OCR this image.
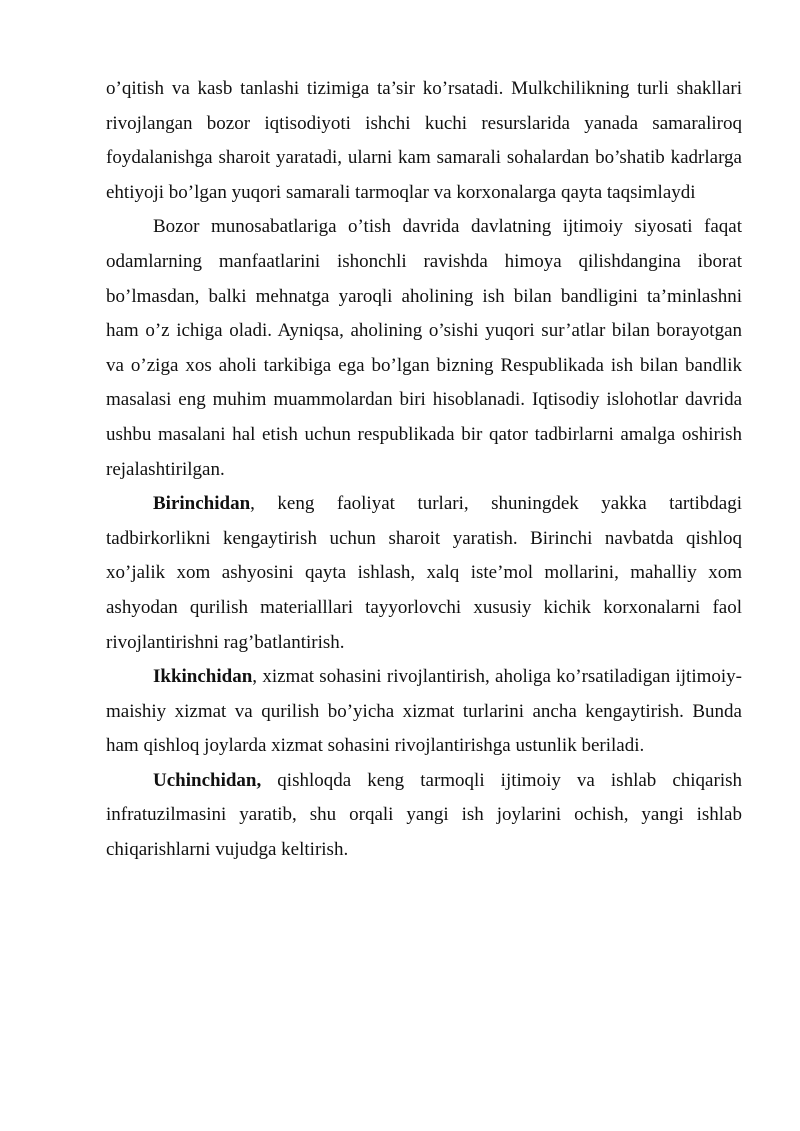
o’qitish va kasb tanlashi tizimiga ta’sir ko’rsatadi. Mulkchilikning turli shakllari rivojlangan bozor iqtisodiyoti ishchi kuchi resurslarida yanada samaraliroq foydalanishga sharoit yaratadi, ularni kam samarali sohalardan bo’shatib kadrlarga ehtiyoji bo’lgan yuqori samarali tarmoqlar va korxonalarga qayta taqsimlaydi

Bozor munosabatlariga o’tish davrida davlatning ijtimoiy siyosati faqat odamlarning manfaatlarini ishonchli ravishda himoya qilishdangina iborat bo’lmasdan, balki mehnatga yaroqli aholining ish bilan bandligini ta’minlashni ham o’z ichiga oladi. Ayniqsa, aholining o’sishi yuqori sur’atlar bilan borayotgan va o’ziga xos aholi tarkibiga ega bo’lgan bizning Respublikada ish bilan bandlik masalasi eng muhim muammolardan biri hisoblanadi. Iqtisodiy islohotlar davrida ushbu masalani hal etish uchun respublikada bir qator tadbirlarni amalga oshirish rejalashtirilgan.

Birinchidan, keng faoliyat turlari, shuningdek yakka tartibdagi tadbirkorlikni kengaytirish uchun sharoit yaratish. Birinchi navbatda qishloq xo’jalik xom ashyosini qayta ishlash, xalq iste’mol mollarini, mahalliy xom ashyodan qurilish materialllari tayyorlovchi xususiy kichik korxonalarni faol rivojlantirishni rag’batlantirish.

Ikkinchidan, xizmat sohasini rivojlantirish, aholiga ko’rsatiladigan ijtimoiy- maishiy xizmat va qurilish bo’yicha xizmat turlarini ancha kengaytirish. Bunda ham qishloq joylarda xizmat sohasini rivojlantirishga ustunlik beriladi.

Uchinchidan, qishloqda keng tarmoqli ijtimoiy va ishlab chiqarish infratuzilmasini yaratib, shu orqali yangi ish joylarini ochish, yangi ishlab chiqarishlarni vujudga keltirish.
